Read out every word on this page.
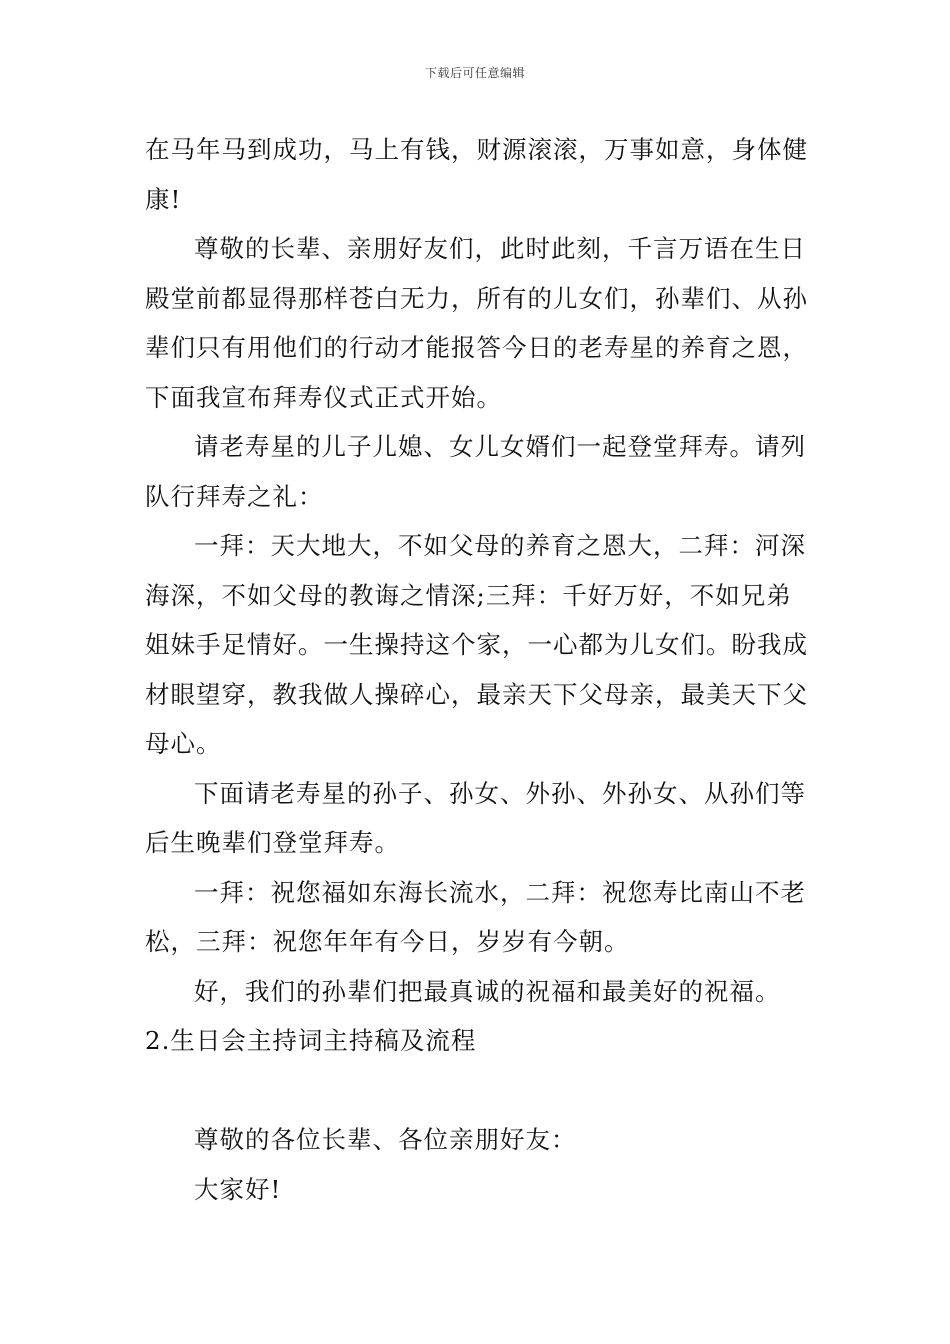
下载后可任意编辑

在马年马到成功，马上有钱，财源滚滚，万事如意，身体健康!

尊敬的长辈、亲朋好友们，此时此刻，千言万语在生日殿堂前都显得那样苍白无力，所有的儿女们，孙辈们、从孙辈们只有用他们的行动才能报答今日的老寿星的养育之恩，下面我宣布拜寿仪式正式开始。

请老寿星的儿子儿媳、女儿女婿们一起登堂拜寿。请列队行拜寿之礼：

一拜：天大地大，不如父母的养育之恩大，二拜：河深海深，不如父母的教诲之情深;三拜：千好万好，不如兄弟姐妹手足情好。一生操持这个家，一心都为儿女们。盼我成材眼望穿，教我做人操碎心，最亲天下父母亲，最美天下父母心。

下面请老寿星的孙子、孙女、外孙、外孙女、从孙们等后生晚辈们登堂拜寿。

一拜：祝您福如东海长流水，二拜：祝您寿比南山不老松，三拜：祝您年年有今日，岁岁有今朝。

好，我们的孙辈们把最真诚的祝福和最美好的祝福。

2.生日会主持词主持稿及流程

尊敬的各位长辈、各位亲朋好友：

大家好!
